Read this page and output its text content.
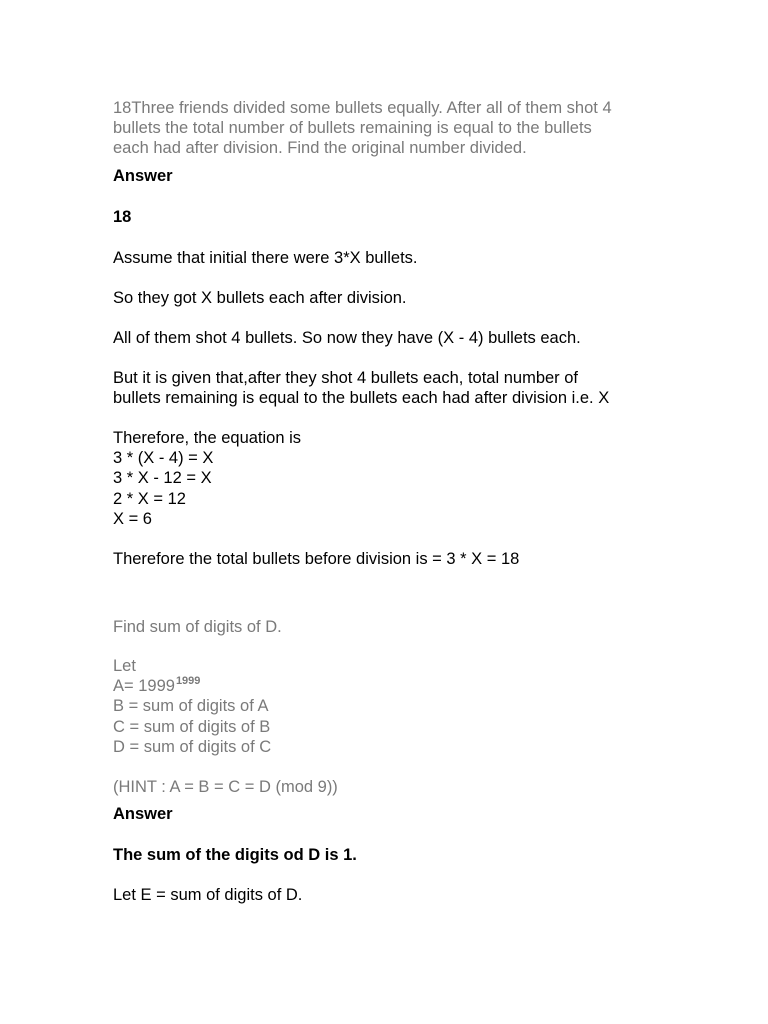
18Three friends divided some bullets equally. After all of them shot 4
bullets the total number of bullets remaining is equal to the bullets
each had after division. Find the original number divided.
Answer
18
Assume that initial there were 3*X bullets.
So they got X bullets each after division.
All of them shot 4 bullets. So now they have (X - 4) bullets each.
But it is given that,after they shot 4 bullets each, total number of
bullets remaining is equal to the bullets each had after division i.e. X
Therefore, the equation is
3 * (X - 4) = X
3 * X - 12 = X
2 * X = 12
X = 6
Therefore the total bullets before division is = 3 * X = 18
Find sum of digits of D.
Let
$A= 1999^{1999}$
B = sum of digits of A
C = sum of digits of B
D = sum of digits of C
(HINT : A = B = C = D (mod 9))
Answer
The sum of the digits od D is 1.
Let E = sum of digits of D.
